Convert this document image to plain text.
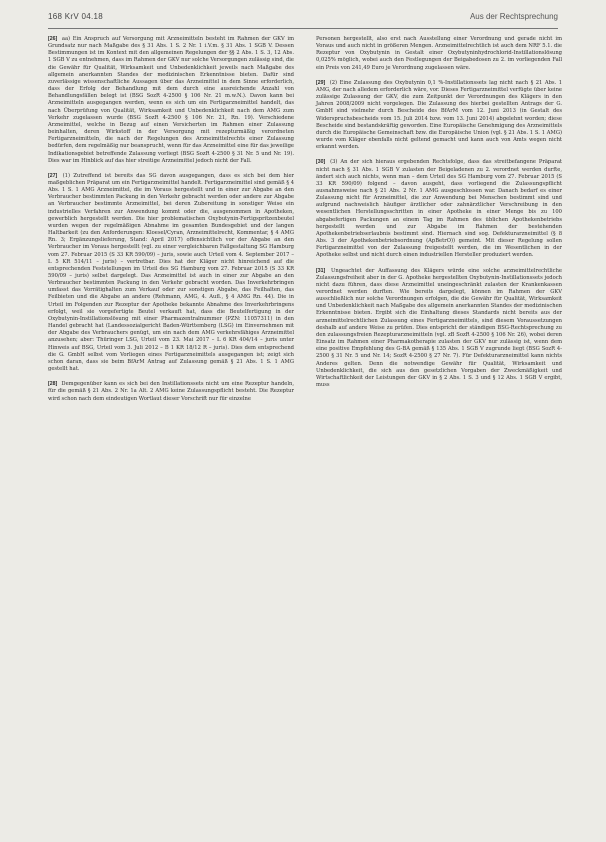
168 KrV 04.18	Aus der Rechtsprechung

[26] aa) Ein Anspruch auf Versorgung mit Arzneimitteln besteht im Rahmen der GKV im Grundsatz nur nach Maßgabe des § 31 Abs. 1 S. 2 Nr. 1 i.V.m. § 31 Abs. 1 SGB V. Dessen Bestimmungen ist im Kontext mit den allgemeinen Regelungen der §§ 2 Abs. 1 S. 3, 12 Abs. 1 SGB V zu entnehmen, dass im Rahmen der GKV nur solche Versorgungen zulässig sind, die die Gewähr für Qualität, Wirksamkeit und Unbedenklichkeit jeweils nach Maßgabe des allgemein anerkannten Standes der medizinischen Erkenntnisse bieten. Dafür sind zuverlässige wissenschaftliche Aussagen über das Arzneimittel in dem Sinne erforderlich, dass der Erfolg der Behandlung mit dem durch eine ausreichende Anzahl von Behandlungsfällen belegt ist (BSG SozR 4-2500 § 106 Nr. 21 m.w.N.). Davon kann bei Arzneimitteln ausgegangen werden, wenn es sich um ein Fertigarzneimittel handelt, das nach Überprüfung von Qualität, Wirksamkeit und Unbedenklichkeit nach dem AMG zum Verkehr zugelassen wurde (BSG SozR 4-2500 § 106 Nr. 21, Rn. 19). Verschiedene Arzneimittel, welche in Bezug auf einen Versicherten im Rahmen einer Zulassung beinhalten, deren Wirkstoff in der Versorgung mit rezepturmäßig verordneten Fertigarzneimitteln, die nach der Regelungen des Arzneimittelrechts einer Zulassung bedürfen, dem regelmäßig nur beansprucht, wenn für das Arzneimittel eine für das jeweilige Indikationsgebiet betreffende Zulassung vorliegt (BSG SozR 4-2500 § 31 Nr. 5 und Nr. 19). Dies war im Hinblick auf das hier streitige Arzneimittel jedoch nicht der Fall.

[27] (1) Zutreffend ist bereits das SG davon ausgegangen, dass es sich bei dem hier maßgeblichen Präparat um ein Fertigarzneimittel handelt. Fertigarzneimittel sind gemäß § 4 Abs. 1 S. 1 AMG Arzneimittel, die im Voraus hergestellt und in einer zur Abgabe an den Verbraucher bestimmten Packung in den Verkehr gebracht werden oder andere zur Abgabe an Verbraucher bestimmte Arzneimittel, bei deren Zubereitung in sonstiger Weise ein industrielles Verfahren zur Anwendung kommt oder die, ausgenommen in Apotheken, gewerblich hergestellt werden. Die hier problematischen Oxybutynin-Fertigspritzenbeutel wurden wegen der regelmäßigen Abnahme im gesamten Bundesgebiet und der langen Haltbarkeit (zu den Anforderungen: Kloesel/Cyran, Arzneimittelrecht, Kommentar, § 4 AMG Rn. 3; Ergänzungslieferung, Stand: April 2017) offensichtlich vor der Abgabe an den Verbraucher im Voraus hergestellt (vgl. zu einer vergleichbaren Fallgestaltung SG Hamburg vom 27. Februar 2015 (S 33 KR 590/09) – juris, sowie auch Urteil vom 4. September 2017 – L 5 KR 514/11 – juris) – vertretbar. Dies hat der Kläger nicht hinreichend auf die entsprechenden Feststellungen im Urteil des SG Hamburg vom 27. Februar 2015 (S 33 KR 590/09 – juris) selbst dargelegt. Das Arzneimittel ist auch in einer zur Abgabe an den Verbraucher bestimmten Packung in den Verkehr gebracht worden. Das Inverkehrbringen umfasst das Vorrätighalten zum Verkauf oder zur sonstigen Abgabe, das Feilhalten, das Feilbieten und die Abgabe an andere (Rehmann, AMG, 4. Aufl., § 4 AMG Rn. 44). Die in Urteil im Folgenden zur Rezeptur der Apotheke bekannte Abnahme des Inverkehrbringens erfolgt, weil sie vorgefertigte Beutel verkauft hat, dass die Beutelfertigung in der Oxybutynin-Instillationslösung mit einer Pharmazentralnummer (PZN: 11057311) in den Handel gebracht hat (Landessozialgericht Baden-Württemberg (LSG) im Einvernehmen mit der Abgabe des Verbrauchers genügt, um ein nach dem AMG verkehrsfähiges Arzneimittel anzusehen; aber: Thüringer LSG, Urteil vom 23. Mai 2017 – L 6 KR 404/14 – juris unter Hinweis auf BSG, Urteil vom 3. Juli 2012 – B 1 KR 18/12 R – juris). Dies dem entsprechend die G. GmbH selbst vom Vorliegen eines Fertigarzneimittels ausgegangen ist; zeigt sich schon daran, dass sie beim BfArM Antrag auf Zulassung gemäß § 21 Abs. 1 S. 1 AMG gestellt hat.

[28] Demgegenüber kann es sich bei den Instillationssets nicht um eine Rezeptur handeln, für die gemäß § 21 Abs. 2 Nr. 1a Alt. 2 AMG keine Zulassungspflicht besteht. Die Rezeptur wird schon nach dem eindeutigen Wortlaut dieser Vorschrift nur für einzelne

Personen hergestellt, also erst nach Ausstellung einer Verordnung und gerade nicht im Voraus und auch nicht in größeren Mengen. Arzneimittelrechtlich ist auch dem NRF 5.1. die Rezeptur von Oxybutynin in Gestalt einer Oxybutyninhydrochlorid-Instillationslösung 0,025% möglich, wobei auch den Festlegungen der Beigabedosen zu 2. im vorliegenden Fall ein Preis von 241,49 Euro je Verordnung zugelassen wäre.

[29] (2) Eine Zulassung des Oxybutynin 0,1 %-Instillationssets lag nicht nach § 21 Abs. 1 AMG, der nach alledem erforderlich wäre, vor. Dieses Fertigarzneimittel verfügte über keine zulässige Zulassung der GKV, die zum Zeitpunkt der Verordnungen des Klägers in den Jahren 2008/2009 nicht vorgelegen. Die Zulassung des hierbei gestellten Antrags der G. GmbH sind vielmehr durch Bescheide des BfArM vom 12. Juni 2013 (in Gestalt des Widerspruchsbescheids vom 15. Juli 2014 bzw. vom 13. Juni 2014) abgelehnt worden; diese Bescheide sind bestandskräftig geworden. Eine Europäische Genehmigung des Arzneimittels durch die Europäische Gemeinschaft bzw. die Europäische Union (vgl. § 21 Abs. 1 S. 1 AMG) wurde vom Kläger ebenfalls nicht geltend gemacht und kann auch von Amts wegen nicht erkannt werden.

[30] (3) An der sich hieraus ergebenden Rechtsfolge, dass das streitbefangene Präparat nicht nach § 31 Abs. 1 SGB V zulasten der Beigeladenen zu 2. verordnet werden durfte, ändert sich auch nichts, wenn man – dem Urteil des SG Hamburg vom 27. Februar 2015 (S 33 KR 590/09) folgend – davon ausgeht, dass vorliegend die Zulassungspflicht ausnahmsweise nach § 21 Abs. 2 Nr. 1 AMG ausgeschlossen war. Danach bedarf es einer Zulassung nicht für Arzneimittel, die zur Anwendung bei Menschen bestimmt sind und aufgrund nachweislich häufiger ärztlicher oder zahnärztlicher Verschreibung in den wesentlichen Herstellungsschritten in einer Apotheke in einer Menge bis zu 100 abgabefertigen Packungen an einem Tag im Rahmen des üblichen Apothekenbetriebs hergestellt werden und zur Abgabe im Rahmen der bestehenden Apothekenbetriebserlaubnis bestimmt sind. Hiernach sind sog. Defekturarzneimittel (§ 8 Abs. 3 der Apothekenbetriebsordnung (ApBetrO)) gemeint. Mit dieser Regelung sollen Fertigarzneimittel von der Zulassung freigestellt werden, die im Wesentlichen in der Apotheke selbst und nicht durch einen industriellen Hersteller produziert werden.

[31] Ungeachtet der Auffassung des Klägers würde eine solche arzneimittelrechtliche Zulassungsfreiheit aber in der G. Apotheke hergestellten Oxybutynin-Instillationssets jedoch nicht dazu führen, dass diese Arzneimittel uneingeschränkt zulasten der Krankenkassen verordnet werden durften. Wie bereits dargelegt, können im Rahmen der GKV ausschließlich nur solche Verordnungen erfolgen, die die Gewähr für Qualität, Wirksamkeit und Unbedenklichkeit nach Maßgabe des allgemein anerkannten Standes der medizinischen Erkenntnisse bieten. Ergibt sich die Einhaltung dieses Standards nicht bereits aus der arzneimittelrechtlichen Zulassung eines Fertigarzneimittels, sind diesem Voraussetzungen deshalb auf andere Weise zu prüfen. Dies entspricht der ständigen BSG-Rechtsprechung zu den zulassungsfreien Rezepturarzneimitteln (vgl. zB SozR 4-2500 § 106 Nr. 26), wobei deren Einsatz im Rahmen einer Pharmakotherapie zulasten der GKV nur zulässig ist, wenn dem eine positive Empfehlung des G-BA gemäß § 135 Abs. 1 SGB V zugrunde liegt (BSG SozR 4-2500 § 31 Nr. 5 und Nr. 14; SozR 4-2500 § 27 Nr. 7). Für Defekturarzneimittel kann nichts Anderes gelten. Denn die notwendige Gewähr für Qualität, Wirksamkeit und Unbedenklichkeit, die sich aus den gesetzlichen Vorgaben der Zweckmäßigkeit und Wirtschaftlichkeit der Leistungen der GKV in § 2 Abs. 1 S. 3 und § 12 Abs. 1 SGB V ergibt, muss
